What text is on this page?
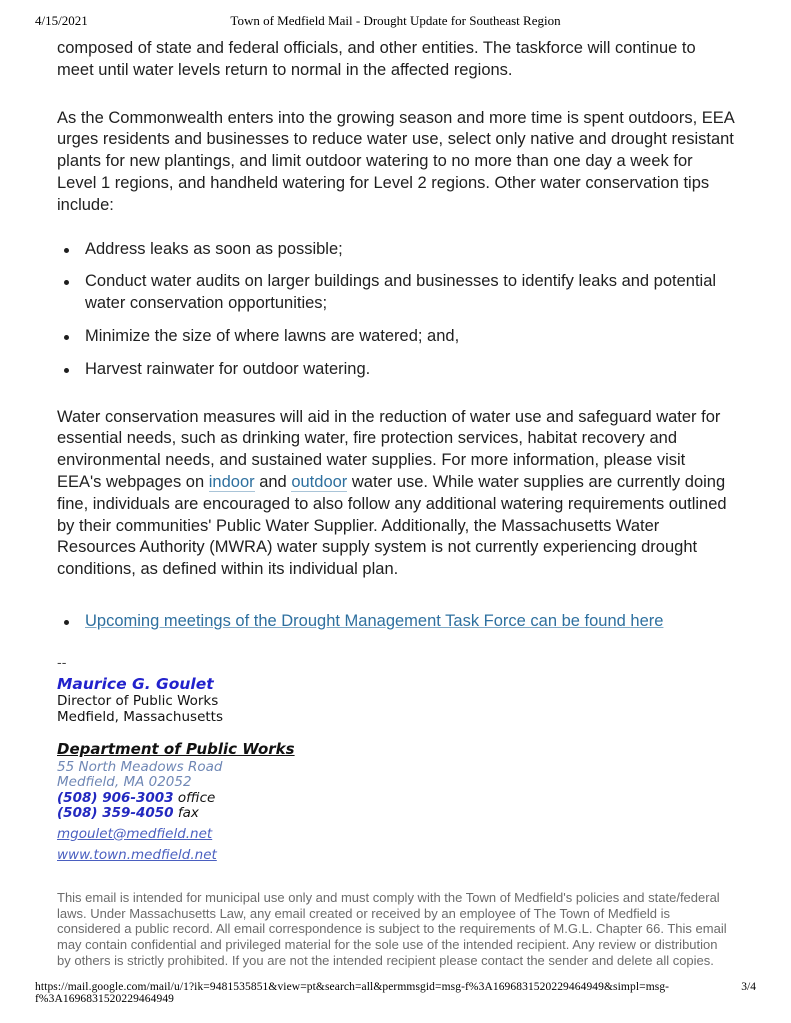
4/15/2021	Town of Medfield Mail - Drought Update for Southeast Region

composed of state and federal officials, and other entities. The taskforce will continue to meet until water levels return to normal in the affected regions.

As the Commonwealth enters into the growing season and more time is spent outdoors, EEA urges residents and businesses to reduce water use, select only native and drought resistant plants for new plantings, and limit outdoor watering to no more than one day a week for Level 1 regions, and handheld watering for Level 2 regions. Other water conservation tips include:

Address leaks as soon as possible;
Conduct water audits on larger buildings and businesses to identify leaks and potential water conservation opportunities;
Minimize the size of where lawns are watered; and,
Harvest rainwater for outdoor watering.

Water conservation measures will aid in the reduction of water use and safeguard water for essential needs, such as drinking water, fire protection services, habitat recovery and environmental needs, and sustained water supplies. For more information, please visit EEA's webpages on indoor and outdoor water use. While water supplies are currently doing fine, individuals are encouraged to also follow any additional watering requirements outlined by their communities' Public Water Supplier. Additionally, the Massachusetts Water Resources Authority (MWRA) water supply system is not currently experiencing drought conditions, as defined within its individual plan.

Upcoming meetings of the Drought Management Task Force can be found here
--
Maurice G. Goulet
Director of Public Works
Medfield, Massachusetts
Department of Public Works
55 North Meadows Road
Medfield, MA 02052
(508) 906-3003 office
(508) 359-4050 fax
mgoulet@medfield.net
www.town.medfield.net

This email is intended for municipal use only and must comply with the Town of Medfield's policies and state/federal laws. Under Massachusetts Law, any email created or received by an employee of The Town of Medfield is considered a public record. All email correspondence is subject to the requirements of M.G.L. Chapter 66. This email may contain confidential and privileged material for the sole use of the intended recipient. Any review or distribution by others is strictly prohibited. If you are not the intended recipient please contact the sender and delete all copies.

https://mail.google.com/mail/u/1?ik=9481535851&view=pt&search=all&permmsgid=msg-f%3A1696831520229464949&simpl=msg-f%3A1696831520229464949
3/4
